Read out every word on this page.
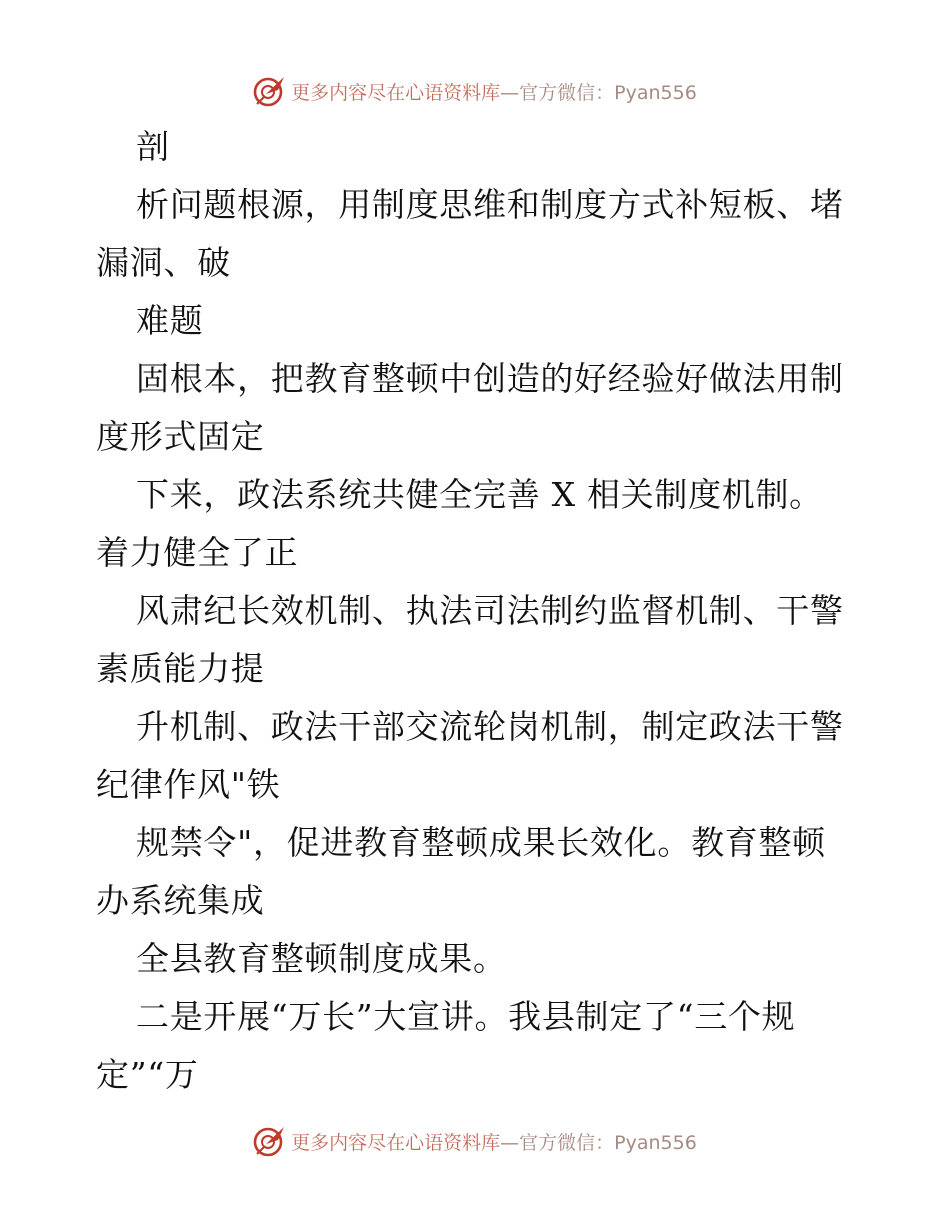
更多内容尽在心语资料库—官方微信：Pyan556

剖

析问题根源，用制度思维和制度方式补短板、堵漏洞、破

难题

固根本，把教育整顿中创造的好经验好做法用制度形式固定

下来，政法系统共健全完善 X 相关制度机制。着力健全了正

风肃纪长效机制、执法司法制约监督机制、干警素质能力提

升机制、政法干部交流轮岗机制，制定政法干警纪律作风"铁

规禁令"，促进教育整顿成果长效化。教育整顿办系统集成

全县教育整顿制度成果。

二是开展“万长”大宣讲。我县制定了“三个规定”“万

更多内容尽在心语资料库—官方微信：Pyan556
